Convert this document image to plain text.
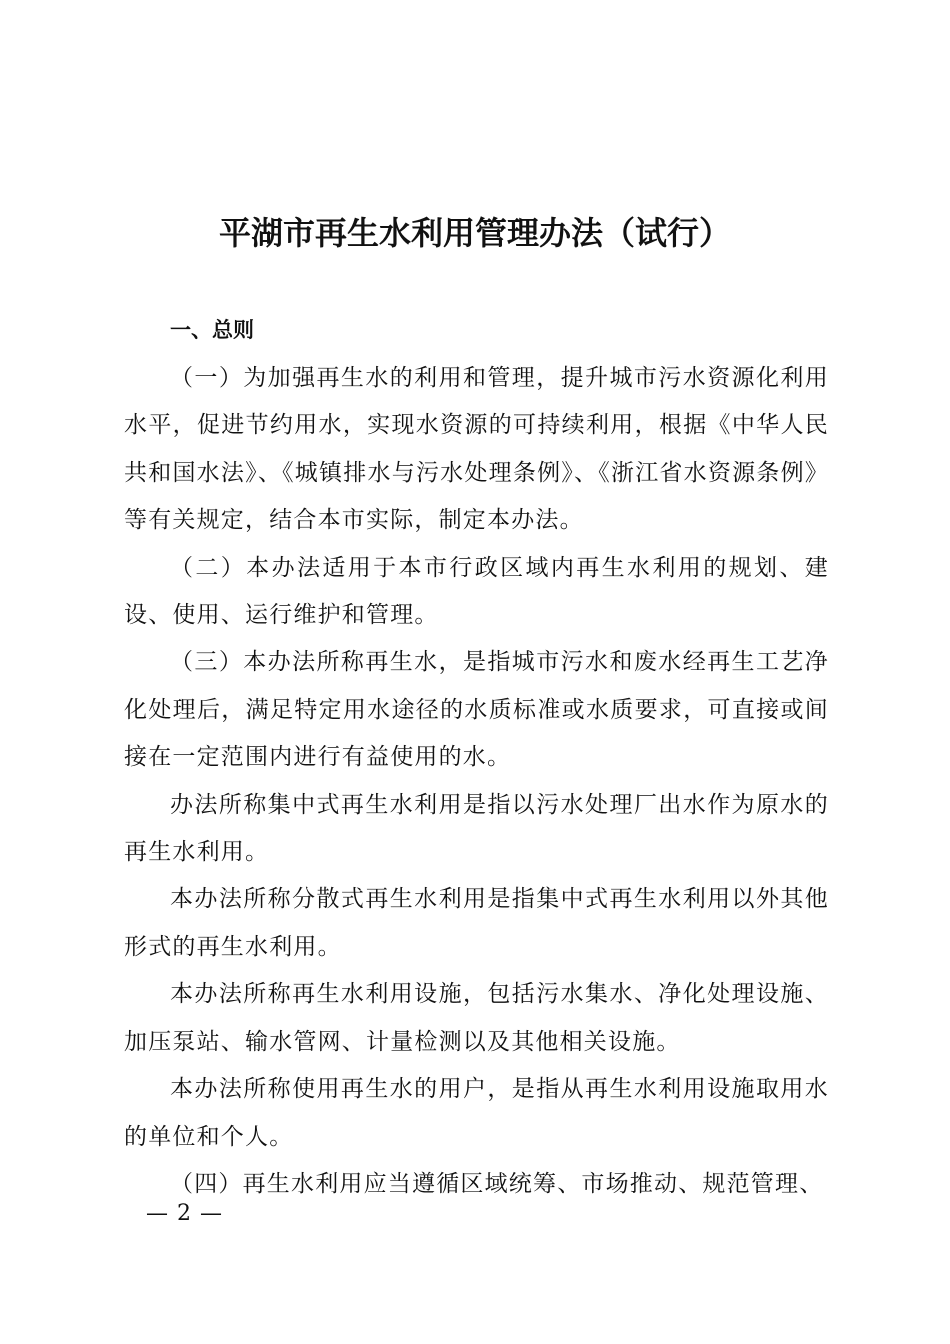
平湖市再生水利用管理办法（试行）
一、总则

（一）为加强再生水的利用和管理，提升城市污水资源化利用水平，促进节约用水，实现水资源的可持续利用，根据《中华人民共和国水法》、《城镇排水与污水处理条例》、《浙江省水资源条例》等有关规定，结合本市实际，制定本办法。

（二）本办法适用于本市行政区域内再生水利用的规划、建设、使用、运行维护和管理。

（三）本办法所称再生水，是指城市污水和废水经再生工艺净化处理后，满足特定用水途径的水质标准或水质要求，可直接或间接在一定范围内进行有益使用的水。

办法所称集中式再生水利用是指以污水处理厂出水作为原水的再生水利用。

本办法所称分散式再生水利用是指集中式再生水利用以外其他形式的再生水利用。

本办法所称再生水利用设施，包括污水集水、净化处理设施、加压泵站、输水管网、计量检测以及其他相关设施。

本办法所称使用再生水的用户，是指从再生水利用设施取用水的单位和个人。

（四）再生水利用应当遵循区域统筹、市场推动、规范管理、

— 2 —
